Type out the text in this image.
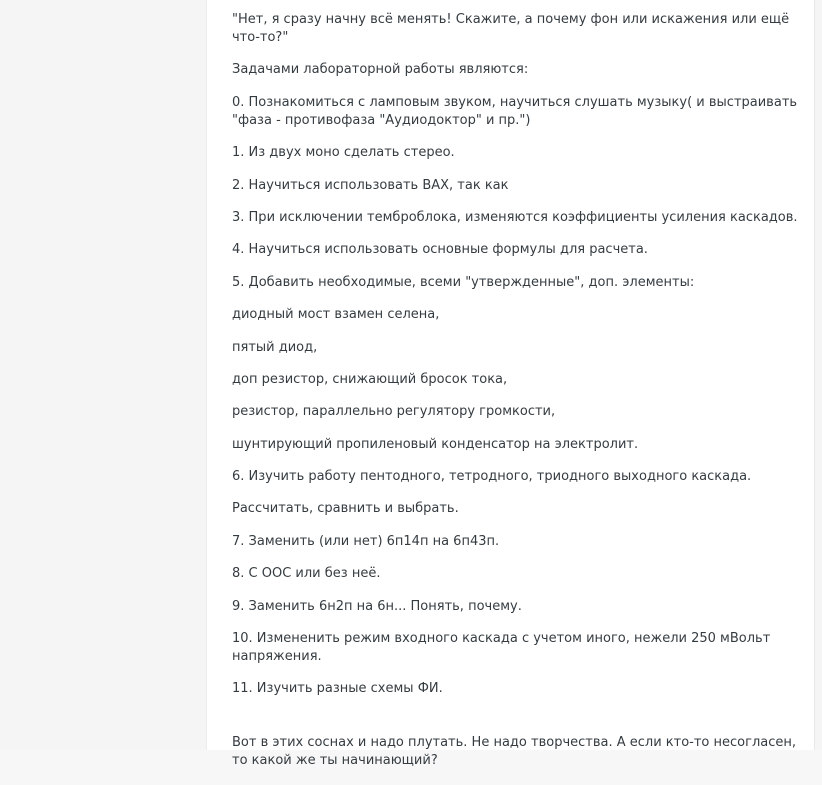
"Нет, я сразу начну всё менять! Скажите, а почему фон или искажения или ещё что-то?"

Задачами лабораторной работы являются:

0. Познакомиться с ламповым звуком, научиться слушать музыку( и выстраивать "фаза - противофаза "Аудиодоктор" и пр.")

1. Из двух моно сделать стерео.

2. Научиться использовать ВАХ, так как

3. При исключении темброблока, изменяются коэффициенты усиления каскадов.

4. Научиться использовать основные формулы для расчета.

5. Добавить необходимые, всеми "утвержденные", доп. элементы:

диодный мост взамен селена,

пятый диод,

доп резистор, снижающий бросок тока,

резистор, параллельно регулятору громкости,

шунтирующий пропиленовый конденсатор на электролит.

6. Изучить работу пентодного, тетродного, триодного выходного каскада.

Рассчитать, сравнить и выбрать.

7. Заменить (или нет) 6п14п на 6п43п.

8. С ООС или без неё.

9. Заменить 6н2п на 6н... Понять, почему.

10. Измененить режим входного каскада с учетом иного, нежели 250 мВольт напряжения.

11. Изучить разные схемы ФИ.

Вот в этих соснах и надо плутать. Не надо творчества. А если кто-то несогласен, то какой же ты начинающий?
